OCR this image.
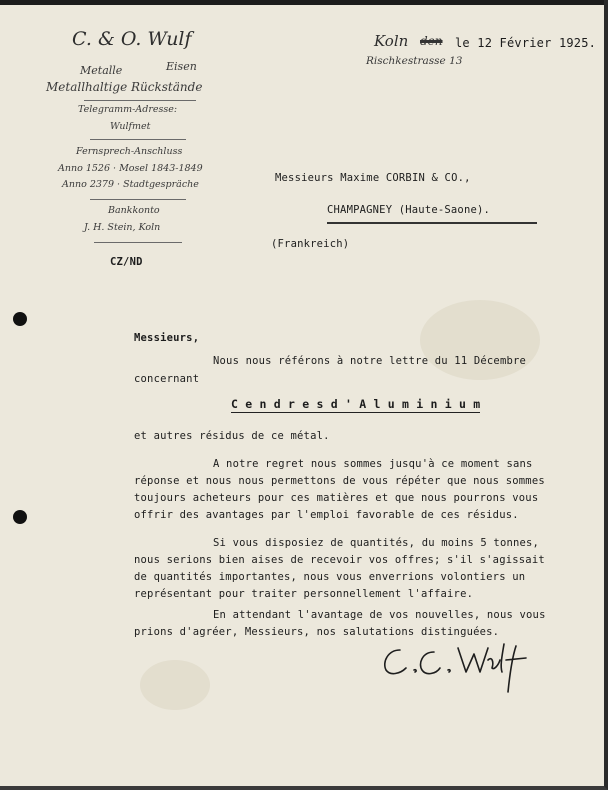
C. & O. Wulf
Metalle	Eisen
Metallhaltige Rückstände
Telegramm-Adresse:
Wulfmet
Fernsprech-Anschluss
Anno 1526 · Mosel 1843-1849
Anno 2379 · Stadtgespräche
Bankkonto
J. H. Stein, Koln
CZ/ND
Koln den le 12 Février 1925.
Rischkestrasse 13
Messieurs Maxime CORBIN & CO.,
CHAMPAGNEY (Haute-Saone).
(Frankreich)
Messieurs,
Nous nous référons à notre lettre du 11 Décembre
concernant
C e n d r e s d ' A l u m i n i u m
et autres résidus de ce métal.
A notre regret nous sommes jusqu'à ce moment sans
réponse et nous nous permettons de vous répéter que nous sommes
toujours acheteurs pour ces matières et que nous pourrons vous
offrir des avantages par l'emploi favorable de ces résidus.
Si vous disposiez de quantités, du moins 5 tonnes,
nous serions bien aises de recevoir vos offres; s'il s'agissait
de quantités importantes, nous vous enverrions volontiers un
représentant pour traiter personnellement l'affaire.
En attendant l'avantage de vos nouvelles, nous vous
prions d'agréer, Messieurs, nos salutations distinguées.
